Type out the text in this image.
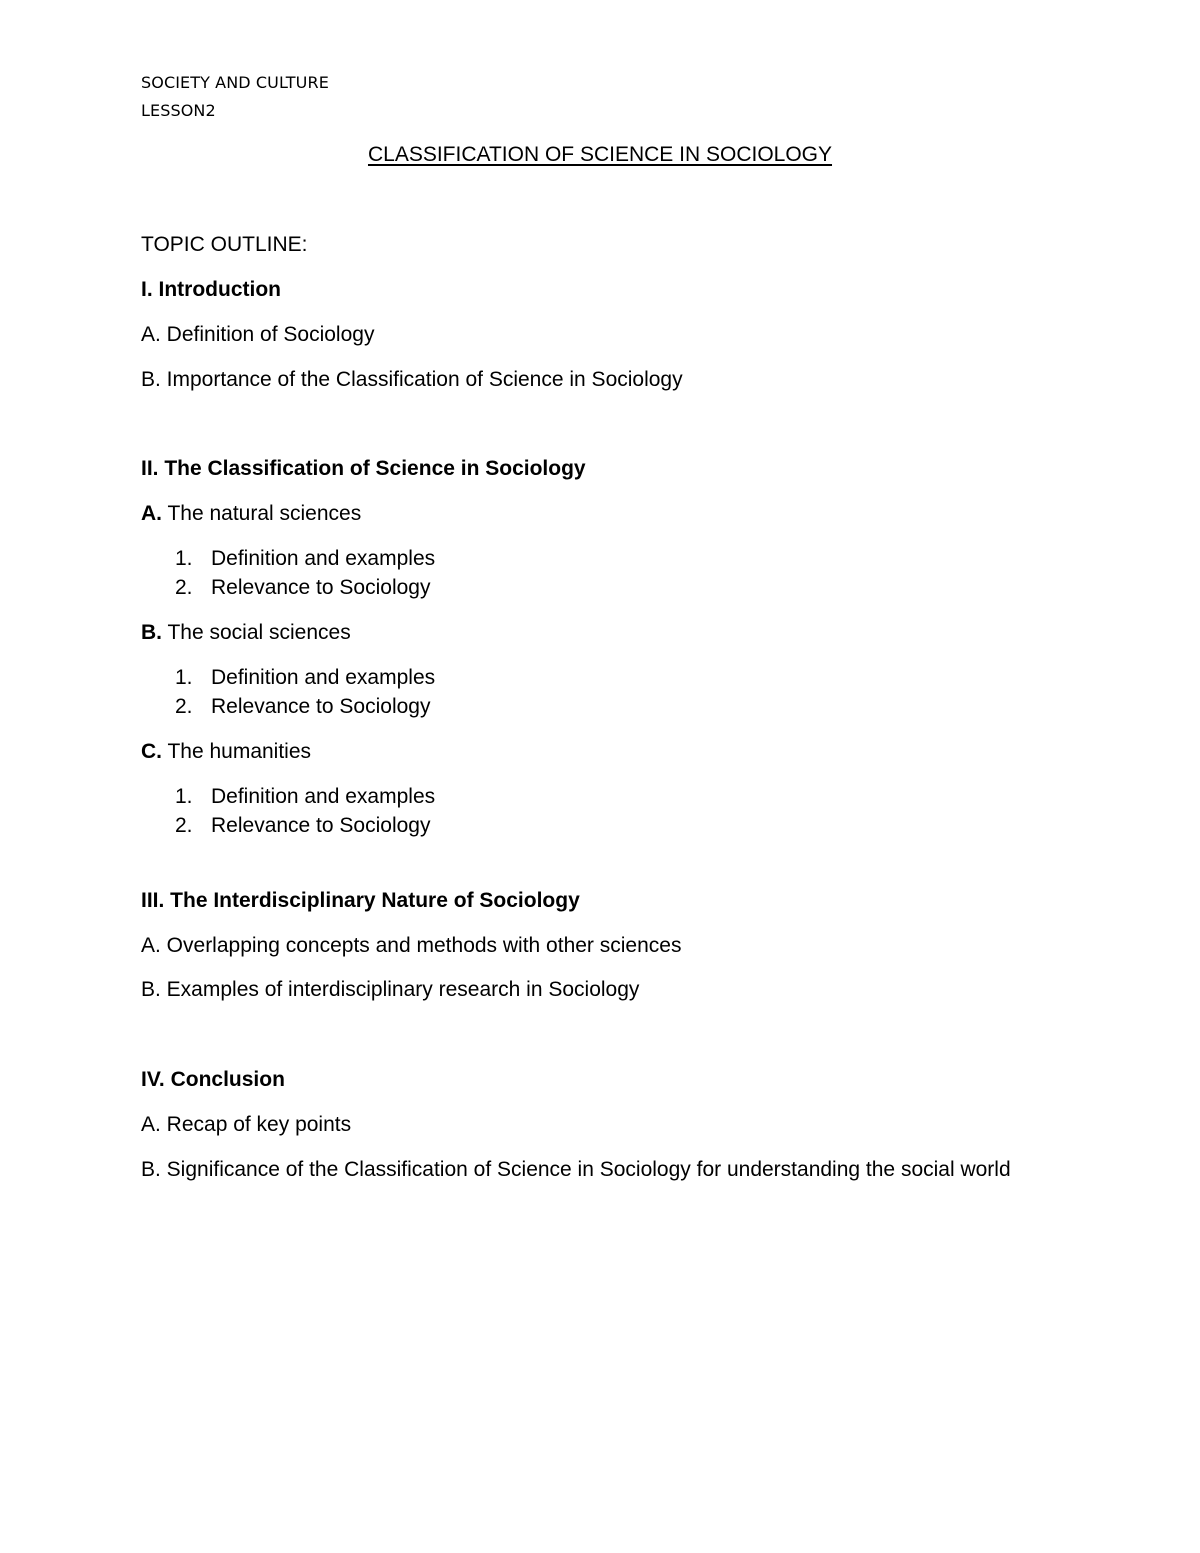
SOCIETY AND CULTURE
LESSON2
CLASSIFICATION OF SCIENCE IN SOCIOLOGY
TOPIC OUTLINE:
I. Introduction
A. Definition of Sociology
B. Importance of the Classification of Science in Sociology
II. The Classification of Science in Sociology
A. The natural sciences
1. Definition and examples
2. Relevance to Sociology
B. The social sciences
1. Definition and examples
2. Relevance to Sociology
C. The humanities
1. Definition and examples
2. Relevance to Sociology
III. The Interdisciplinary Nature of Sociology
A. Overlapping concepts and methods with other sciences
B. Examples of interdisciplinary research in Sociology
IV. Conclusion
A. Recap of key points
B. Significance of the Classification of Science in Sociology for understanding the social world
